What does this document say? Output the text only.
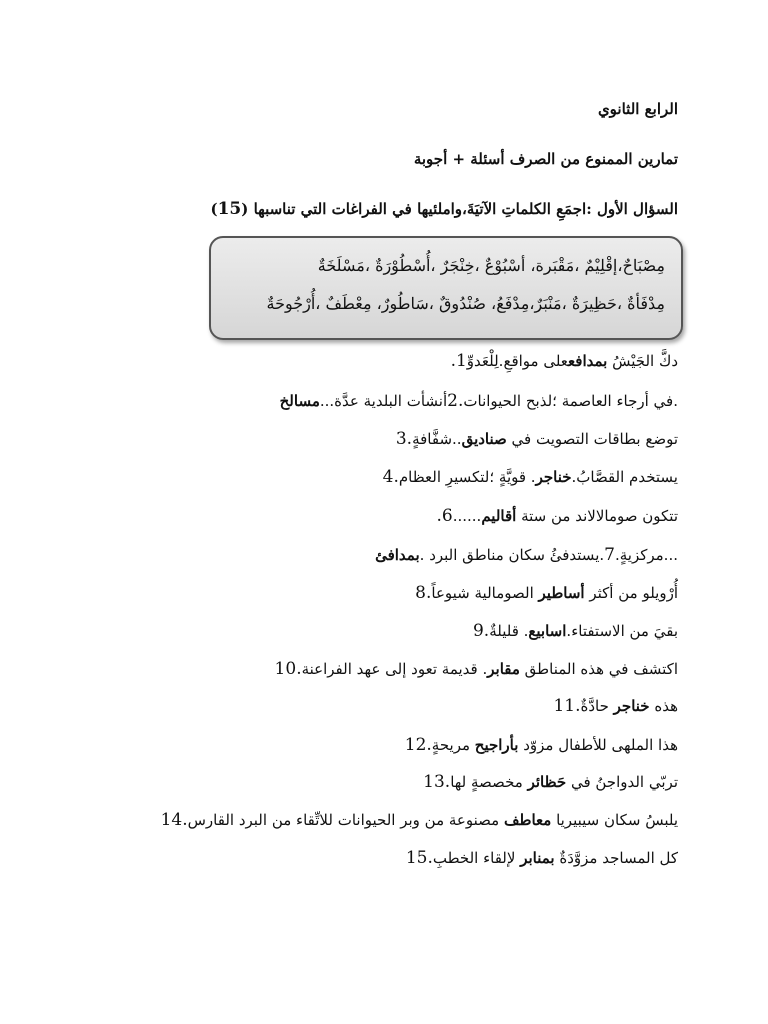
الرابع الثانوي
تمارين الممنوع من الصرف أسئلة + أجوبة
السؤال الأول :اجمَعِ الكلماتِ الآتيَةَ،واملئيها في الفراغات التي تناسبها (15)
مِصْبَاحٌ،إقْلِيْمٌ ،مَقْبَرة، أسْبُوْعٌ ،خِنْجَرٌ ،أُسْطُوْرَةٌ ،مَسْلَخَةٌ
مِدْفَأةٌ ،حَظِيرَةٌ ،مَنْبَرٌ،مِدْفَعُ، صُنْدُوقٌ ،سَاطُورٌ، مِعْطَفٌ ،أُرْجُوحَةٌ
دكَّ الجَيْشُ بمدافععلى مواقعِ.لِلْعَدوِّ1.
.في أرجاء العاصمة ؛لذبح الحيوانات.2أنشأت البلدية عدَّة...مسالخ
توضع بطاقات التصويت في صناديق..شفَّافةٍ.3
يستخدم القصَّابُ.خناجر. قويَّةٍ ؛لتكسيرِ العظام.4
تتكون صومالالاند من ستة أقاليم......6.
...مركزيةٍ.7.يستدفئُ سكان مناطق البرد .بمدافئ
أُرْويلو من أكثر أساطير الصومالية شيوعاً.8
بقيَ من الاستفتاء.اسابيع. قليلةٌ.9
اكتشف في هذه المناطق مقابر. قديمة تعود إلى عهد الفراعنة.10
هذه خناجر حادَّةٌ.11
هذا الملهى للأطفال مزوّد بأراجيح مريحةٍ.12
تربّي الدواجنُ في حَظائر مخصصةٍ لها.13
يلبسُ سكان سيبيريا معاطف مصنوعة من وبر الحيوانات للاتِّقاء من البرد القارس.14
كل المساجد مزوَّدَةٌ بمنابر لإلقاء الخطبِ.15
